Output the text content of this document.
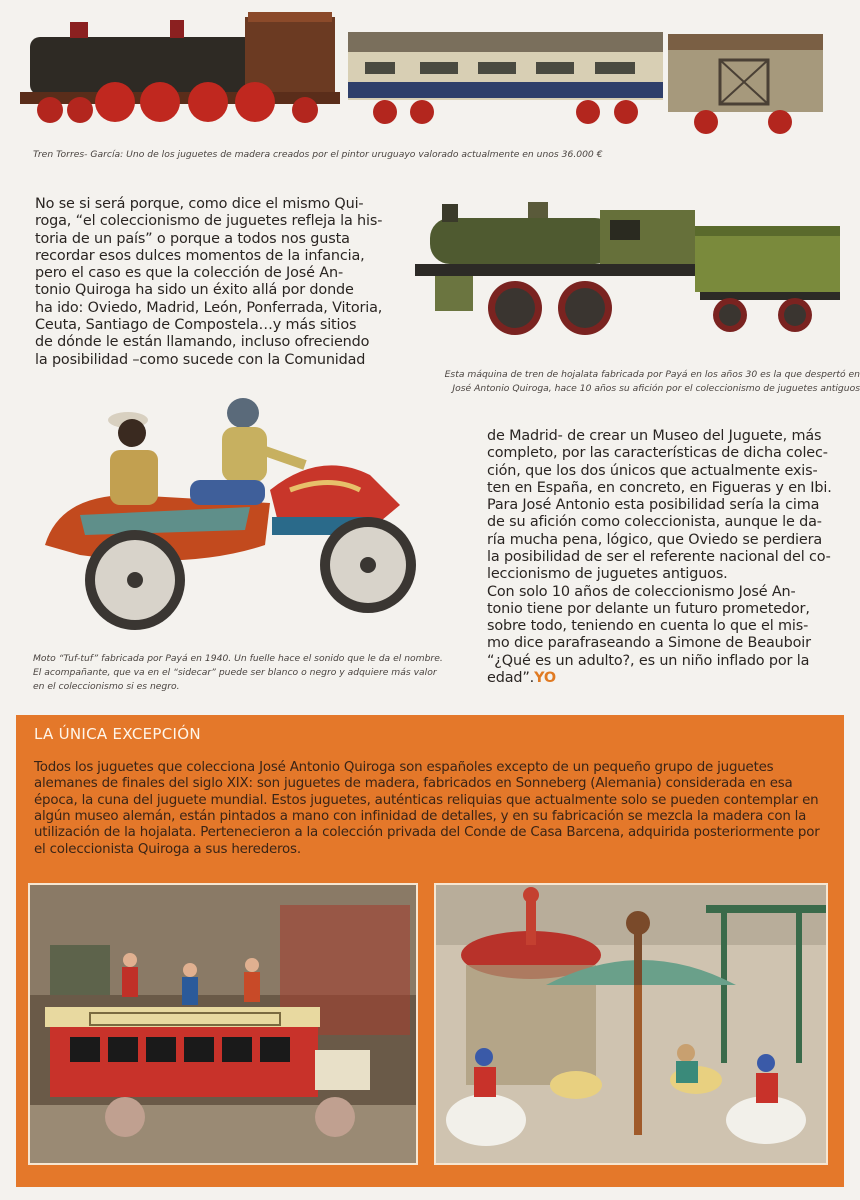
Tren Torres- García: Uno de los juguetes de madera creados por el pintor uruguayo valorado actualmente en unos 36.000 €
No se si será porque, como dice el mismo Qui-
roga, “el coleccionismo de juguetes refleja la his-
toria de un país” o porque a todos nos gusta
recordar esos dulces momentos de la infancia,
pero el caso es que la colección de José An-
tonio Quiroga ha sido un éxito allá por donde
ha ido: Oviedo, Madrid, León, Ponferrada, Vitoria,
Ceuta, Santiago de Compostela…y más sitios
de dónde le están llamando, incluso ofreciendo
la posibilidad –como sucede con la Comunidad
Esta máquina de tren de hojalata fabricada por Payá en los años 30 es la que despertó en
José Antonio Quiroga, hace 10 años su afición por el coleccionismo de juguetes antiguos
Moto “Tuf-tuf” fabricada por Payá en 1940. Un fuelle hace el sonido que le da el nombre.
El acompañante, que va en el “sidecar” puede ser blanco o negro y adquiere más valor
en el coleccionismo si es negro.
de Madrid- de crear un Museo del Juguete, más
completo, por las características de dicha colec-
ción, que los dos únicos que actualmente exis-
ten en España, en concreto, en Figueras y en Ibi.
Para José Antonio esta posibilidad sería la cima
de su afición como coleccionista, aunque le da-
ría mucha pena, lógico, que Oviedo se perdiera
la posibilidad de ser el referente nacional del co-
leccionismo de juguetes antiguos.
Con solo 10 años de coleccionismo José An-
tonio tiene por delante un futuro prometedor,
sobre todo, teniendo en cuenta lo que el mis-
mo dice parafraseando a Simone de Beauboir
“¿Qué es un adulto?, es un niño inflado por la
edad”.YO
LA ÚNICA EXCEPCIÓN
Todos los juguetes que colecciona José Antonio Quiroga son españoles excepto de un pequeño grupo de juguetes
alemanes de finales del siglo XIX: son juguetes de madera, fabricados en Sonneberg (Alemania) considerada en esa
época, la cuna del juguete mundial. Estos juguetes, auténticas reliquias que actualmente solo se pueden contemplar en
algún museo alemán, están pintados a mano con infinidad de detalles, y en su fabricación se mezcla la madera con la
utilización de la hojalata. Pertenecieron a la colección privada del Conde de Casa Barcena, adquirida posteriormente por
el coleccionista Quiroga a sus herederos.
